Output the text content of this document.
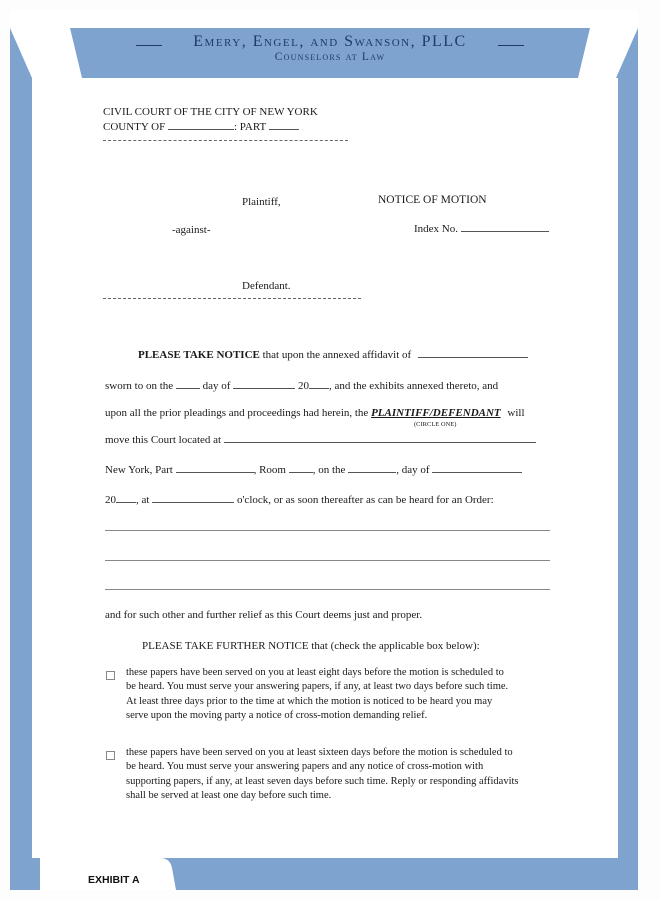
Emery, Engel, and Swanson, PLLC
Counselors at Law
CIVIL COURT OF THE CITY OF NEW YORK
COUNTY OF	: PART
Plaintiff,	NOTICE OF MOTION
-against-	Index No.
Defendant.
PLEASE TAKE NOTICE that upon the annexed affidavit of
sworn to on the	day of	20 , and the exhibits annexed thereto, and
upon all the prior pleadings and proceedings had herein, the PLAINTIFF/DEFENDANT will
(CIRCLE ONE)
move this Court located at
New York, Part	, Room , on the	, day of
20 , at	o'clock, or as soon thereafter as can be heard for an Order:
and for such other and further relief as this Court deems just and proper.
PLEASE TAKE FURTHER NOTICE that (check the applicable box below):
these papers have been served on you at least eight days before the motion is scheduled to
be heard. You must serve your answering papers, if any, at least two days before such time.
At least three days prior to the time at which the motion is noticed to be heard you may
serve upon the moving party a notice of cross-motion demanding relief.
these papers have been served on you at least sixteen days before the motion is scheduled to
be heard. You must serve your answering papers and any notice of cross-motion with
supporting papers, if any, at least seven days before such time. Reply or responding affidavits
shall be served at least one day before such time.
EXHIBIT A
